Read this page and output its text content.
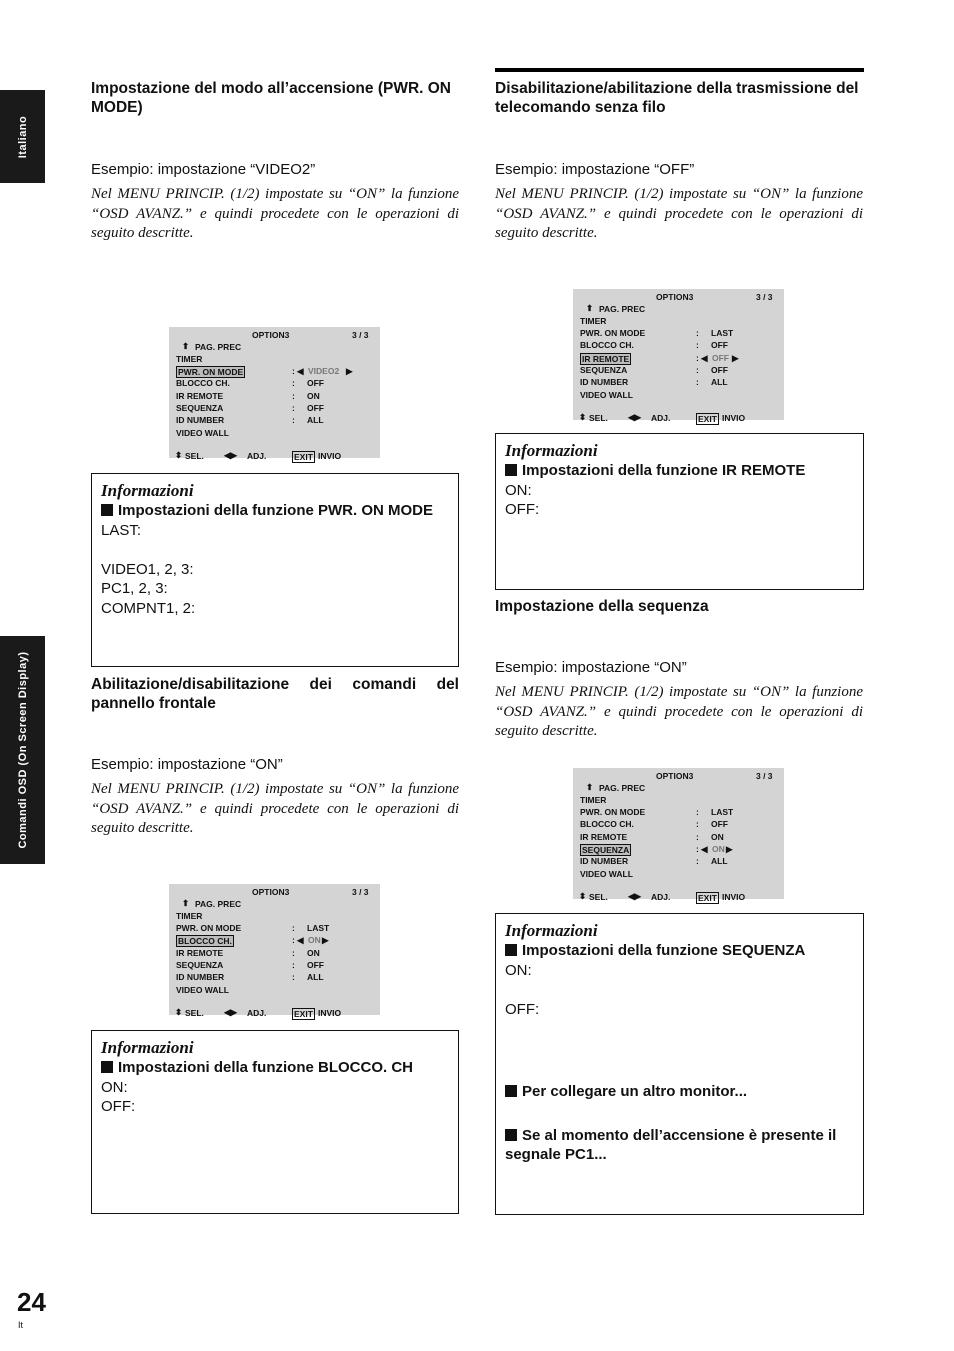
Italiano
Comandi OSD (On Screen Display)
Impostazione del modo all’accensione (PWR. ON MODE)
Esempio: impostazione “VIDEO2”
Nel MENU PRINCIP. (1/2) impostate su “ON” la funzione “OSD AVANZ.” e quindi procedete con le operazioni di seguito descritte.
OPTION3	3 / 3
⬆ PAG. PREC
TIMER
PWR. ON MODE	: ◀ VIDEO2 ▶
BLOCCO CH.	: OFF
IR REMOTE	: ON
SEQUENZA	: OFF
ID NUMBER	: ALL
VIDEO WALL
⬍ SEL. ◀▶ ADJ.	EXIT INVIO
Informazioni
Impostazioni della funzione PWR. ON MODE
LAST:
VIDEO1, 2, 3:
PC1, 2, 3:
COMPNT1, 2:
Abilitazione/disabilitazione dei comandi del pannello frontale
Esempio: impostazione “ON”
Nel MENU PRINCIP. (1/2) impostate su “ON” la funzione “OSD AVANZ.” e quindi procedete con le operazioni di seguito descritte.
OPTION3	3 / 3
⬆ PAG. PREC
TIMER
PWR. ON MODE	: LAST
BLOCCO CH.	: ◀ ON ▶
IR REMOTE	: ON
SEQUENZA	: OFF
ID NUMBER	: ALL
VIDEO WALL
⬍ SEL. ◀▶ ADJ.	EXIT INVIO
Informazioni
Impostazioni della funzione BLOCCO. CH
ON:
OFF:
Disabilitazione/abilitazione della trasmissione del telecomando senza filo
Esempio: impostazione “OFF”
Nel MENU PRINCIP. (1/2) impostate su “ON” la funzione “OSD AVANZ.” e quindi procedete con le operazioni di seguito descritte.
OPTION3	3 / 3
⬆ PAG. PREC
TIMER
PWR. ON MODE	: LAST
BLOCCO CH.	: OFF
IR REMOTE	: ◀ OFF ▶
SEQUENZA	: OFF
ID NUMBER	: ALL
VIDEO WALL
⬍ SEL. ◀▶ ADJ.	EXIT INVIO
Informazioni
Impostazioni della funzione IR REMOTE
ON:
OFF:
Impostazione della sequenza
Esempio: impostazione “ON”
Nel MENU PRINCIP. (1/2) impostate su “ON” la funzione “OSD AVANZ.” e quindi procedete con le operazioni di seguito descritte.
OPTION3	3 / 3
⬆ PAG. PREC
TIMER
PWR. ON MODE	: LAST
BLOCCO CH.	: OFF
IR REMOTE	: ON
SEQUENZA	: ◀ ON ▶
ID NUMBER	: ALL
VIDEO WALL
⬍ SEL. ◀▶ ADJ.	EXIT INVIO
Informazioni
Impostazioni della funzione SEQUENZA
ON:
OFF:
Per collegare un altro monitor...
Se al momento dell’accensione è presente il segnale PC1...
24
It
